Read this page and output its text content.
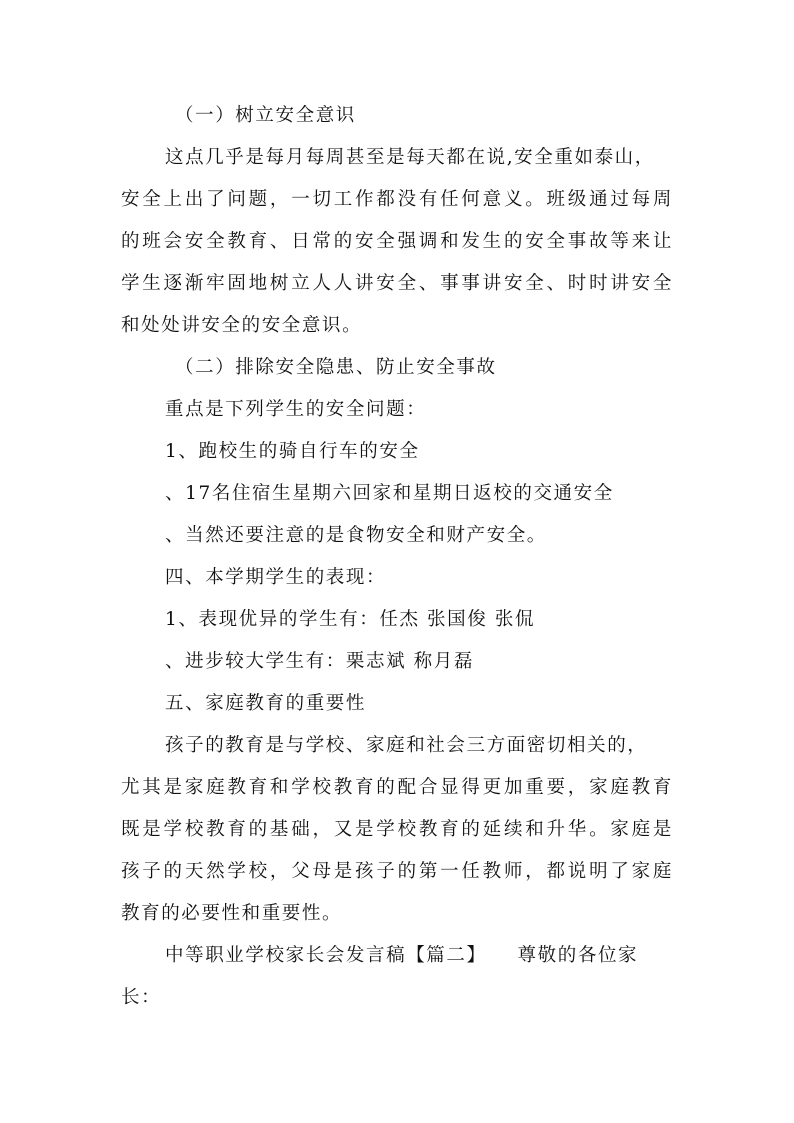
（一）树立安全意识
这点几乎是每月每周甚至是每天都在说,安全重如泰山，
安全上出了问题，一切工作都没有任何意义。班级通过每周
的班会安全教育、日常的安全强调和发生的安全事故等来让
学生逐渐牢固地树立人人讲安全、事事讲安全、时时讲安全
和处处讲安全的安全意识。
（二）排除安全隐患、防止安全事故
重点是下列学生的安全问题：
1、跑校生的骑自行车的安全
、17名住宿生星期六回家和星期日返校的交通安全
、当然还要注意的是食物安全和财产安全。
四、本学期学生的表现：
1、表现优异的学生有：任杰 张国俊 张侃
、进步较大学生有：栗志斌 称月磊
五、家庭教育的重要性
孩子的教育是与学校、家庭和社会三方面密切相关的，
尤其是家庭教育和学校教育的配合显得更加重要，家庭教育
既是学校教育的基础，又是学校教育的延续和升华。家庭是
孩子的天然学校，父母是孩子的第一任教师，都说明了家庭
教育的必要性和重要性。
中等职业学校家长会发言稿【篇二】　　尊敬的各位家
长：
